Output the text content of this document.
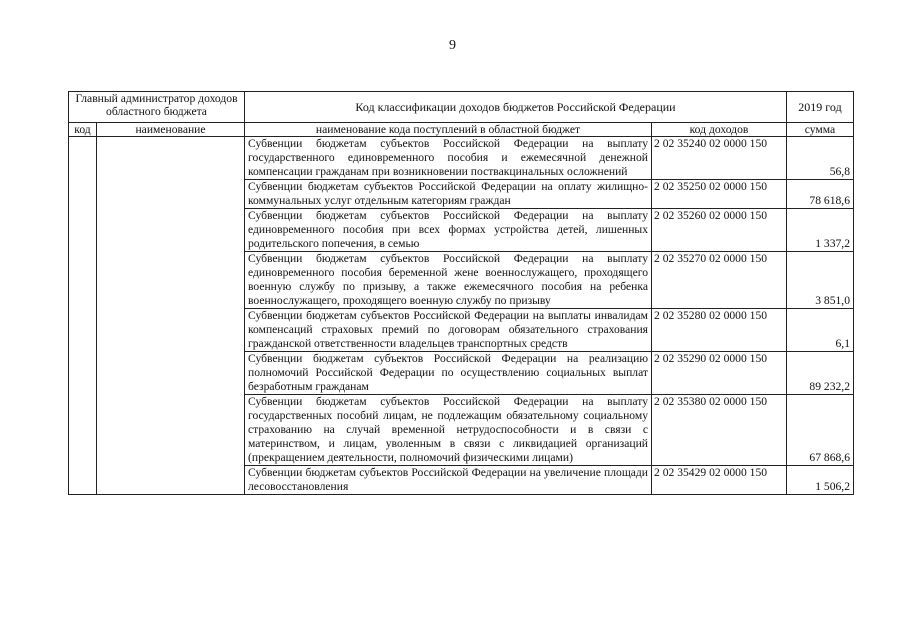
9
Главный администратор доходов областного бюджета		Код классификации доходов бюджетов Российской Федерации		2019 год
код	наименование	наименование кода поступлений в областной бюджет	код доходов	сумма
		Субвенции бюджетам субъектов Российской Федерации на выплату государственного единовременного пособия и ежемесячной денежной компенсации гражданам при возникновении поствакцинальных осложнений	2 02 35240 02 0000 150	56,8
		Субвенции бюджетам субъектов Российской Федерации на оплату жилищно-коммунальных услуг отдельным категориям граждан	2 02 35250 02 0000 150	78 618,6
		Субвенции бюджетам субъектов Российской Федерации на выплату единовременного пособия при всех формах устройства детей, лишенных родительского попечения, в семью	2 02 35260 02 0000 150	1 337,2
		Субвенции бюджетам субъектов Российской Федерации на выплату единовременного пособия беременной жене военнослужащего, проходящего военную службу по призыву, а также ежемесячного пособия на ребенка военнослужащего, проходящего военную службу по призыву	2 02 35270 02 0000 150	3 851,0
		Субвенции бюджетам субъектов Российской Федерации на выплаты инвалидам компенсаций страховых премий по договорам обязательного страхования гражданской ответственности владельцев транспортных средств	2 02 35280 02 0000 150	6,1
		Субвенции бюджетам субъектов Российской Федерации на реализацию полномочий Российской Федерации по осуществлению социальных выплат безработным гражданам	2 02 35290 02 0000 150	89 232,2
		Субвенции бюджетам субъектов Российской Федерации на выплату государственных пособий лицам, не подлежащим обязательному социальному страхованию на случай временной нетрудоспособности и в связи с материнством, и лицам, уволенным в связи с ликвидацией организаций (прекращением деятельности, полномочий физическими лицами)	2 02 35380 02 0000 150	67 868,6
		Субвенции бюджетам субъектов Российской Федерации на увеличение площади лесовосстановления	2 02 35429 02 0000 150	1 506,2
